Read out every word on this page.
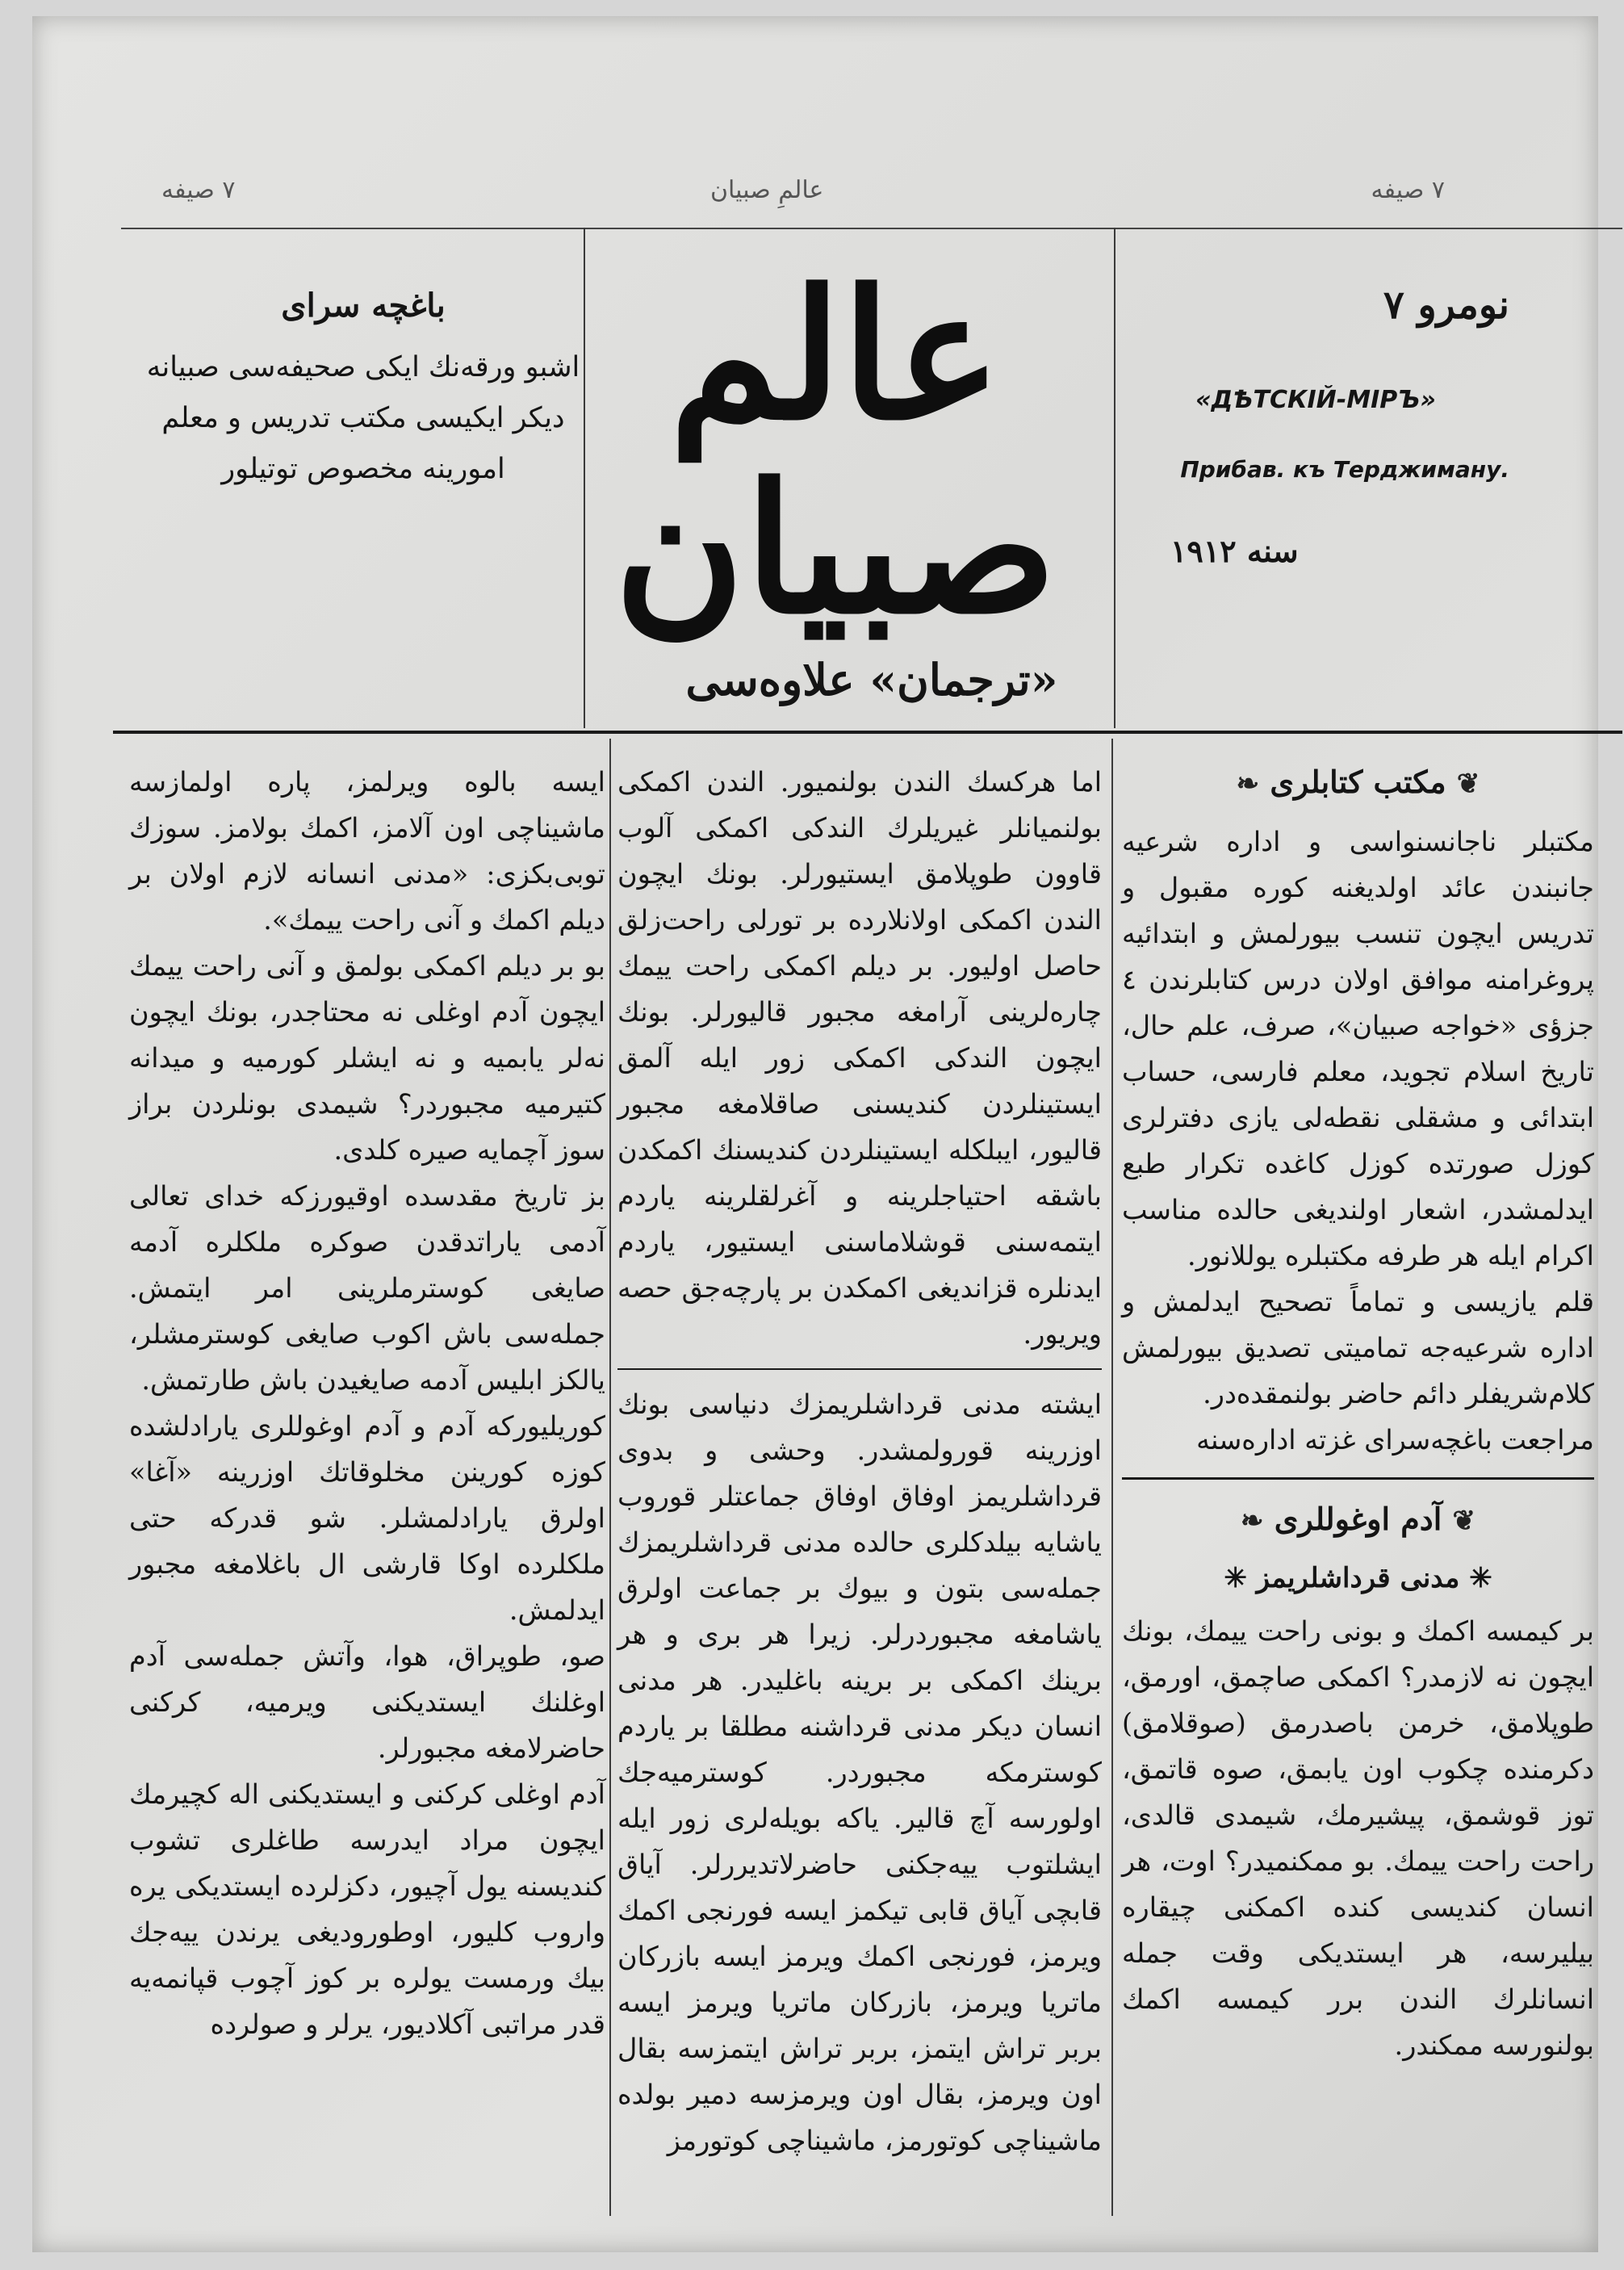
٧ صيفه	عالمِ صبيان	٧ صيفه
باغچه سرای
اشبو ورقه‌نك ايكی صحيفه‌سی صبيانه ديكر ايكيسی مكتب تدريس و معلم امورينه مخصوص توتيلور
عالم صبيان
«ترجمان» علاوه‌سی
نومرو ٧
«ДѢТСКІЙ-МІРЪ»
Прибав. къ Терджиману.
سنه ١٩١٢
❦ مكتب كتابلری ❧

مكتبلر نا‌جانسنواسی و اداره شرعيه جانبندن عائد اولديغنه كوره مقبول و تدريس ايچون تنسب بيورلمش و ابتدائيه پروغرامنه موافق اولان درس كتابلرندن ٤ جزؤی «خواجه صبيان»، صرف، علم حال، تاريخ اسلام تجويد، معلم فارسی، حساب ابتدائی و مشقلی نقطه‌لی يازی دفترلری كوزل صورتده كوزل كاغده تكرار طبع ايدلمشدر، اشعار اولنديغی حالده مناسب اكرام ايله هر طرفه مكتبلره يوللانور.

قلم يازيسی و تماماً تصحيح ايدلمش و اداره شرعيه‌جه تماميتی تصديق بيورلمش كلام‌شريفلر دائم حاضر بولنمقده‌در.

مراجعت باغچه‌سرای غزته اداره‌سنه

❦ آدم اوغوللری ❧
✳ مدنی قرداشلريمز ✳

بر كيمسه اكمك و بونی راحت ييمك، بونك ايچون نه لازمدر؟ اكمكی صاچمق، اورمق، طوپلامق، خرمن باصدرمق (صوقلامق) دكرمنده چكوب اون يابمق، صوه قاتمق، توز قوشمق، پيشيرمك، شيمدی قالدی، راحت راحت ييمك. بو ممكنميدر؟ اوت، هر انسان كنديسی كنده اكمكنی چيقاره بيليرسه، هر ايستديكی وقت جمله انسانلرك الندن برر كيمسه اكمك بولنورسه ممكندر.

اما هركسك الندن بولنميور. الندن اكمكی بولنميانلر غيريلرك الندكی اكمكی آلوب قاوون طوپلامق ايستيورلر. بونك ايچون الندن اكمكی اولانلارده بر تورلی راحت‌زلق حاصل اوليور. بر ديلم اكمكی راحت ييمك چاره‌لرينی آرامغه مجبور قاليورلر. بونك ايچون الندكی اكمكی زور ايله آلمق ايستينلردن كنديسنی صاقلامغه مجبور قاليور، ايبلكله ايستينلردن كنديسنك اكمكدن باشقه احتياجلرينه و آغرلقلرينه ياردم ايتمه‌سنی قوشلاماسنی ايستيور، ياردم ايدنلره قزاندیغی اكمكدن بر پارچه‌جق حصه ويريور.

ايشته مدنی قرداشلريمزك دنياسی بونك اوزرينه قورولمشدر. وحشی و بدوی قرداشلريمز اوفاق اوفاق جماعتلر قوروب ياشايه بيلدكلری حالده مدنی قرداشلريمزك جمله‌سی بتون و بيوك بر جماعت اولرق ياشامغه مجبوردرلر. زيرا هر بری و هر برينك اكمكی بر برينه باغليدر. هر مدنی انسان ديكر مدنی قرداشنه مطلقا بر ياردم كوسترمكه مجبوردر. كوسترميه‌جك اولورسه آچ قالير. ياكه بويله‌لری زور ايله ايشلتوب ييه‌جكنی حاضرلاتديررلر. آياق قابچی آياق قابی تيكمز ايسه فورنجی اكمك ويرمز، فورنجی اكمك ويرمز ايسه بازركان ماتريا ويرمز، بازركان ماتريا ويرمز ايسه بربر تراش ايتمز، بربر تراش ايتمزسه بقال اون ويرمز، بقال اون ويرمزسه دمير بولده ماشيناچی كوتورمز، ماشيناچی كوتورمز

ايسه بالوه ويرلمز، پاره اولمازسه ماشيناچی اون آلامز، اكمك بولامز. سوزك توبی‌بكزی: «مدنی انسانه لازم اولان بر ديلم اكمك و آنی راحت ييمك».

بو بر ديلم اكمكی بولمق و آنی راحت ييمك ايچون آدم اوغلی نه محتاجدر، بونك ايچون نه‌لر يابميه و نه ايشلر كورميه و ميدانه كتيرميه مجبوردر؟ شيمدی بونلردن براز سوز آچمايه صيره كلدی.

بز تاريخ مقدسده اوقيورزكه خدای تعالی آدمی ياراتدقدن صوكره ملكلره آدمه صايغی كوسترملرينی امر ايتمش. جمله‌سی باش اكوب صايغی كوسترمشلر، يالكز ابليس آدمه صايغيدن باش طارتمش.

كوريليوركه آدم و آدم اوغوللری يارادلشده كوزه كورينن مخلوقاتك اوزرينه «آغا» اولرق يارادلمشلر. شو قدركه حتی ملكلرده اوكا قارشی ال باغلامغه مجبور ايدلمش.

صو، طوپراق، هوا، وآتش جمله‌سی آدم اوغلنك ايستديكنی ويرميه، كركنی حاضرلامغه مجبورلر.

آدم اوغلی كركنی و ايستديكنی اله كچيرمك ايچون مراد ايدرسه طاغلری تشوب كنديسنه يول آچيور، دكزلرده ايستديكی يره واروب كليور، اوطوروديغی يرندن ييه‌جك بيك ورمست يولره بر كوز آچوب قپانمه‌يه قدر مراتبی آكلاديور، يرلر و صولرده
